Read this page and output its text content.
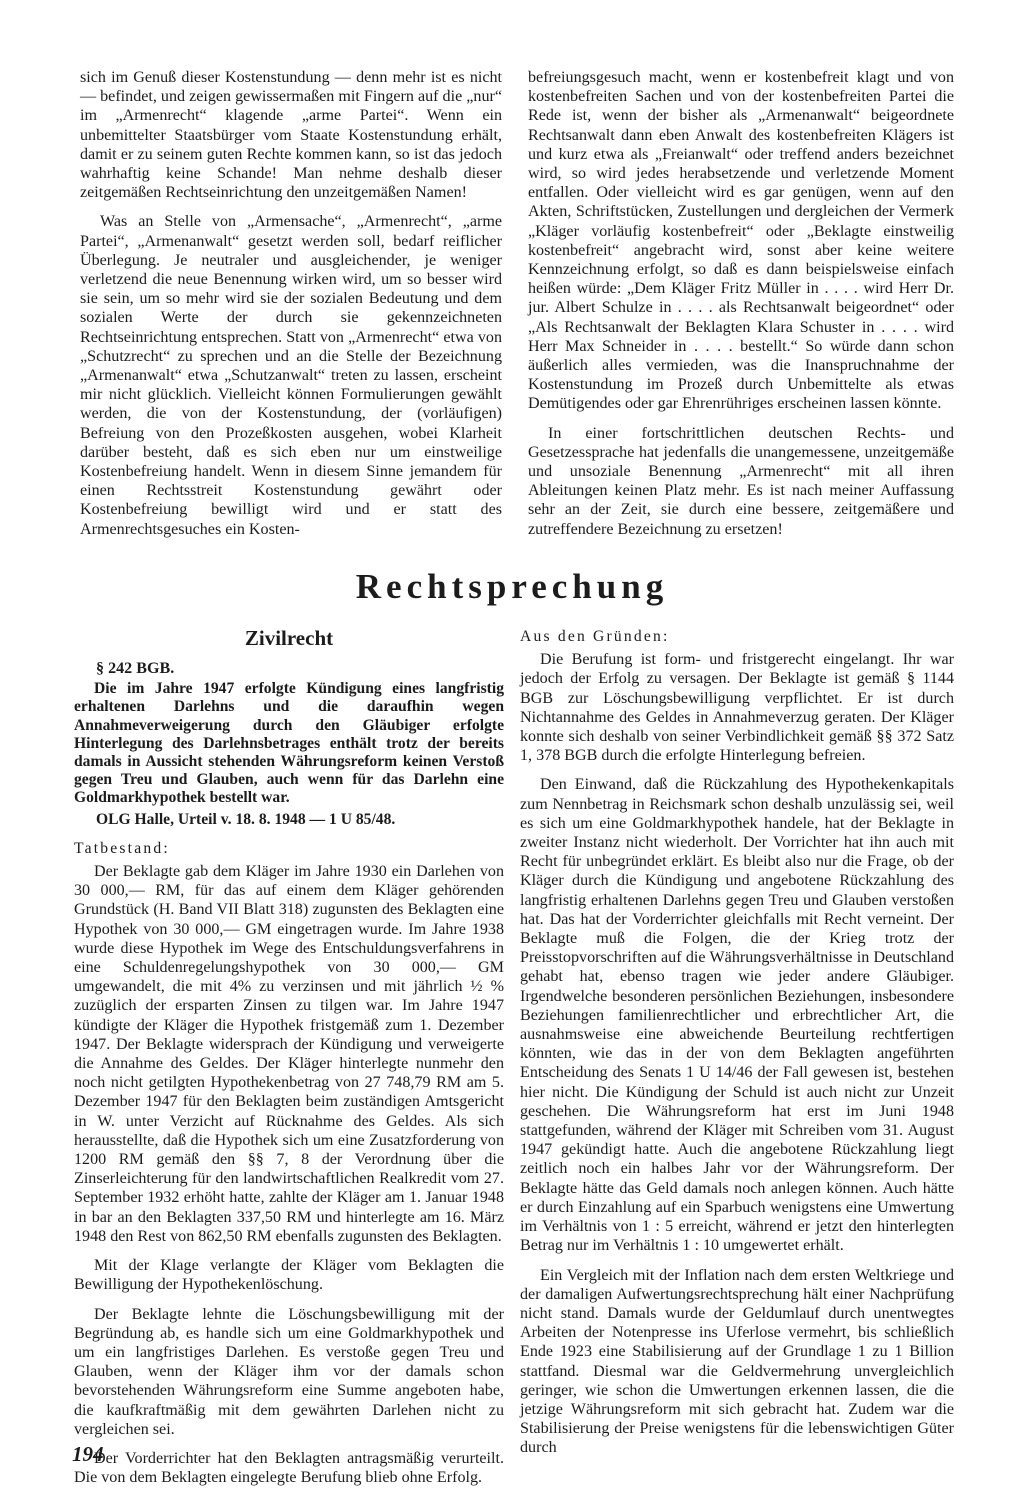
sich im Genuß dieser Kostenstundung — denn mehr ist es nicht — befindet, und zeigen gewissermaßen mit Fingern auf die „nur“ im „Armenrecht“ klagende „arme Partei“. Wenn ein unbemittelter Staatsbürger vom Staate Kostenstundung erhält, damit er zu seinem guten Rechte kommen kann, so ist das jedoch wahrhaftig keine Schande! Man nehme deshalb dieser zeitgemäßen Rechtseinrichtung den unzeitgemäßen Namen!

Was an Stelle von „Armensache“, „Armenrecht“, „arme Partei“, „Armenanwalt“ gesetzt werden soll, bedarf reiflicher Überlegung. Je neutraler und ausgleichender, je weniger verletzend die neue Benennung wirken wird, um so besser wird sie sein, um so mehr wird sie der sozialen Bedeutung und dem sozialen Werte der durch sie gekennzeichneten Rechtseinrichtung entsprechen. Statt von „Armenrecht“ etwa von „Schutzrecht“ zu sprechen und an die Stelle der Bezeichnung „Armenanwalt“ etwa „Schutzanwalt“ treten zu lassen, erscheint mir nicht glücklich. Vielleicht können Formulierungen gewählt werden, die von der Kostenstundung, der (vorläufigen) Befreiung von den Prozeßkosten ausgehen, wobei Klarheit darüber besteht, daß es sich eben nur um einstweilige Kostenbefreiung handelt. Wenn in diesem Sinne jemandem für einen Rechtsstreit Kostenstundung gewährt oder Kostenbefreiung bewilligt wird und er statt des Armenrechtsgesuches ein Kosten-

befreiungsgesuch macht, wenn er kostenbefreit klagt und von kostenbefreiten Sachen und von der kostenbefreiten Partei die Rede ist, wenn der bisher als „Armenanwalt“ beigeordnete Rechtsanwalt dann eben Anwalt des kostenbefreiten Klägers ist und kurz etwa als „Freianwalt“ oder treffend anders bezeichnet wird, so wird jedes herabsetzende und verletzende Moment entfallen. Oder vielleicht wird es gar genügen, wenn auf den Akten, Schriftstücken, Zustellungen und dergleichen der Vermerk „Kläger vorläufig kostenbefreit“ oder „Beklagte einstweilig kostenbefreit“ angebracht wird, sonst aber keine weitere Kennzeichnung erfolgt, so daß es dann beispielsweise einfach heißen würde: „Dem Kläger Fritz Müller in . . . . wird Herr Dr. jur. Albert Schulze in . . . . als Rechtsanwalt beigeordnet“ oder „Als Rechtsanwalt der Beklagten Klara Schuster in . . . . wird Herr Max Schneider in . . . . bestellt.“ So würde dann schon äußerlich alles vermieden, was die Inanspruchnahme der Kostenstundung im Prozeß durch Unbemittelte als etwas Demütigendes oder gar Ehrenrühriges erscheinen lassen könnte.

In einer fortschrittlichen deutschen Rechts- und Gesetzessprache hat jedenfalls die unangemessene, unzeitgemäße und unsoziale Benennung „Armenrecht“ mit all ihren Ableitungen keinen Platz mehr. Es ist nach meiner Auffassung sehr an der Zeit, sie durch eine bessere, zeitgemäßere und zutreffendere Bezeichnung zu ersetzen!

Rechtsprechung
Zivilrecht

§ 242 BGB.

Die im Jahre 1947 erfolgte Kündigung eines langfristig erhaltenen Darlehns und die daraufhin wegen Annahmeverweigerung durch den Gläubiger erfolgte Hinterlegung des Darlehnsbetrages enthält trotz der bereits damals in Aussicht stehenden Währungsreform keinen Verstoß gegen Treu und Glauben, auch wenn für das Darlehn eine Goldmarkhypothek bestellt war.

OLG Halle, Urteil v. 18. 8. 1948 — 1 U 85/48.

Tatbestand:

Der Beklagte gab dem Kläger im Jahre 1930 ein Darlehen von 30 000,— RM, für das auf einem dem Kläger gehörenden Grundstück (H. Band VII Blatt 318) zugunsten des Beklagten eine Hypothek von 30 000,— GM eingetragen wurde. Im Jahre 1938 wurde diese Hypothek im Wege des Entschuldungsverfahrens in eine Schuldenregelungshypothek von 30 000,— GM umgewandelt, die mit 4% zu verzinsen und mit jährlich ½ % zuzüglich der ersparten Zinsen zu tilgen war. Im Jahre 1947 kündigte der Kläger die Hypothek fristgemäß zum 1. Dezember 1947. Der Beklagte widersprach der Kündigung und verweigerte die Annahme des Geldes. Der Kläger hinterlegte nunmehr den noch nicht getilgten Hypothekenbetrag von 27 748,79 RM am 5. Dezember 1947 für den Beklagten beim zuständigen Amtsgericht in W. unter Verzicht auf Rücknahme des Geldes. Als sich herausstellte, daß die Hypothek sich um eine Zusatzforderung von 1200 RM gemäß den §§ 7, 8 der Verordnung über die Zinserleichterung für den landwirtschaftlichen Realkredit vom 27. September 1932 erhöht hatte, zahlte der Kläger am 1. Januar 1948 in bar an den Beklagten 337,50 RM und hinterlegte am 16. März 1948 den Rest von 862,50 RM ebenfalls zugunsten des Beklagten.

Mit der Klage verlangte der Kläger vom Beklagten die Bewilligung der Hypothekenlöschung.

Der Beklagte lehnte die Löschungsbewilligung mit der Begründung ab, es handle sich um eine Goldmarkhypothek und um ein langfristiges Darlehen. Es verstoße gegen Treu und Glauben, wenn der Kläger ihm vor der damals schon bevorstehenden Währungsreform eine Summe angeboten habe, die kaufkraftmäßig mit dem gewährten Darlehen nicht zu vergleichen sei.

Der Vorderrichter hat den Beklagten antragsmäßig verurteilt. Die von dem Beklagten eingelegte Berufung blieb ohne Erfolg.

Aus den Gründen:

Die Berufung ist form- und fristgerecht eingelangt. Ihr war jedoch der Erfolg zu versagen. Der Beklagte ist gemäß § 1144 BGB zur Löschungsbewilligung verpflichtet. Er ist durch Nichtannahme des Geldes in Annahmeverzug geraten. Der Kläger konnte sich deshalb von seiner Verbindlichkeit gemäß §§ 372 Satz 1, 378 BGB durch die erfolgte Hinterlegung befreien.

Den Einwand, daß die Rückzahlung des Hypothekenkapitals zum Nennbetrag in Reichsmark schon deshalb unzulässig sei, weil es sich um eine Goldmarkhypothek handele, hat der Beklagte in zweiter Instanz nicht wiederholt. Der Vorrichter hat ihn auch mit Recht für unbegründet erklärt. Es bleibt also nur die Frage, ob der Kläger durch die Kündigung und angebotene Rückzahlung des langfristig erhaltenen Darlehns gegen Treu und Glauben verstoßen hat. Das hat der Vorderrichter gleichfalls mit Recht verneint. Der Beklagte muß die Folgen, die der Krieg trotz der Preisstopvorschriften auf die Währungsverhältnisse in Deutschland gehabt hat, ebenso tragen wie jeder andere Gläubiger. Irgendwelche besonderen persönlichen Beziehungen, insbesondere Beziehungen familienrechtlicher und erbrechtlicher Art, die ausnahmsweise eine abweichende Beurteilung rechtfertigen könnten, wie das in der von dem Beklagten angeführten Entscheidung des Senats 1 U 14/46 der Fall gewesen ist, bestehen hier nicht. Die Kündigung der Schuld ist auch nicht zur Unzeit geschehen. Die Währungsreform hat erst im Juni 1948 stattgefunden, während der Kläger mit Schreiben vom 31. August 1947 gekündigt hatte. Auch die angebotene Rückzahlung liegt zeitlich noch ein halbes Jahr vor der Währungsreform. Der Beklagte hätte das Geld damals noch anlegen können. Auch hätte er durch Einzahlung auf ein Sparbuch wenigstens eine Umwertung im Verhältnis von 1 : 5 erreicht, während er jetzt den hinterlegten Betrag nur im Verhältnis 1 : 10 umgewertet erhält.

Ein Vergleich mit der Inflation nach dem ersten Weltkriege und der damaligen Aufwertungsrechtsprechung hält einer Nachprüfung nicht stand. Damals wurde der Geldumlauf durch unentwegtes Arbeiten der Notenpresse ins Uferlose vermehrt, bis schließlich Ende 1923 eine Stabilisierung auf der Grundlage 1 zu 1 Billion stattfand. Diesmal war die Geldvermehrung unvergleichlich geringer, wie schon die Umwertungen erkennen lassen, die die jetzige Währungsreform mit sich gebracht hat. Zudem war die Stabilisierung der Preise wenigstens für die lebenswichtigen Güter durch

194
